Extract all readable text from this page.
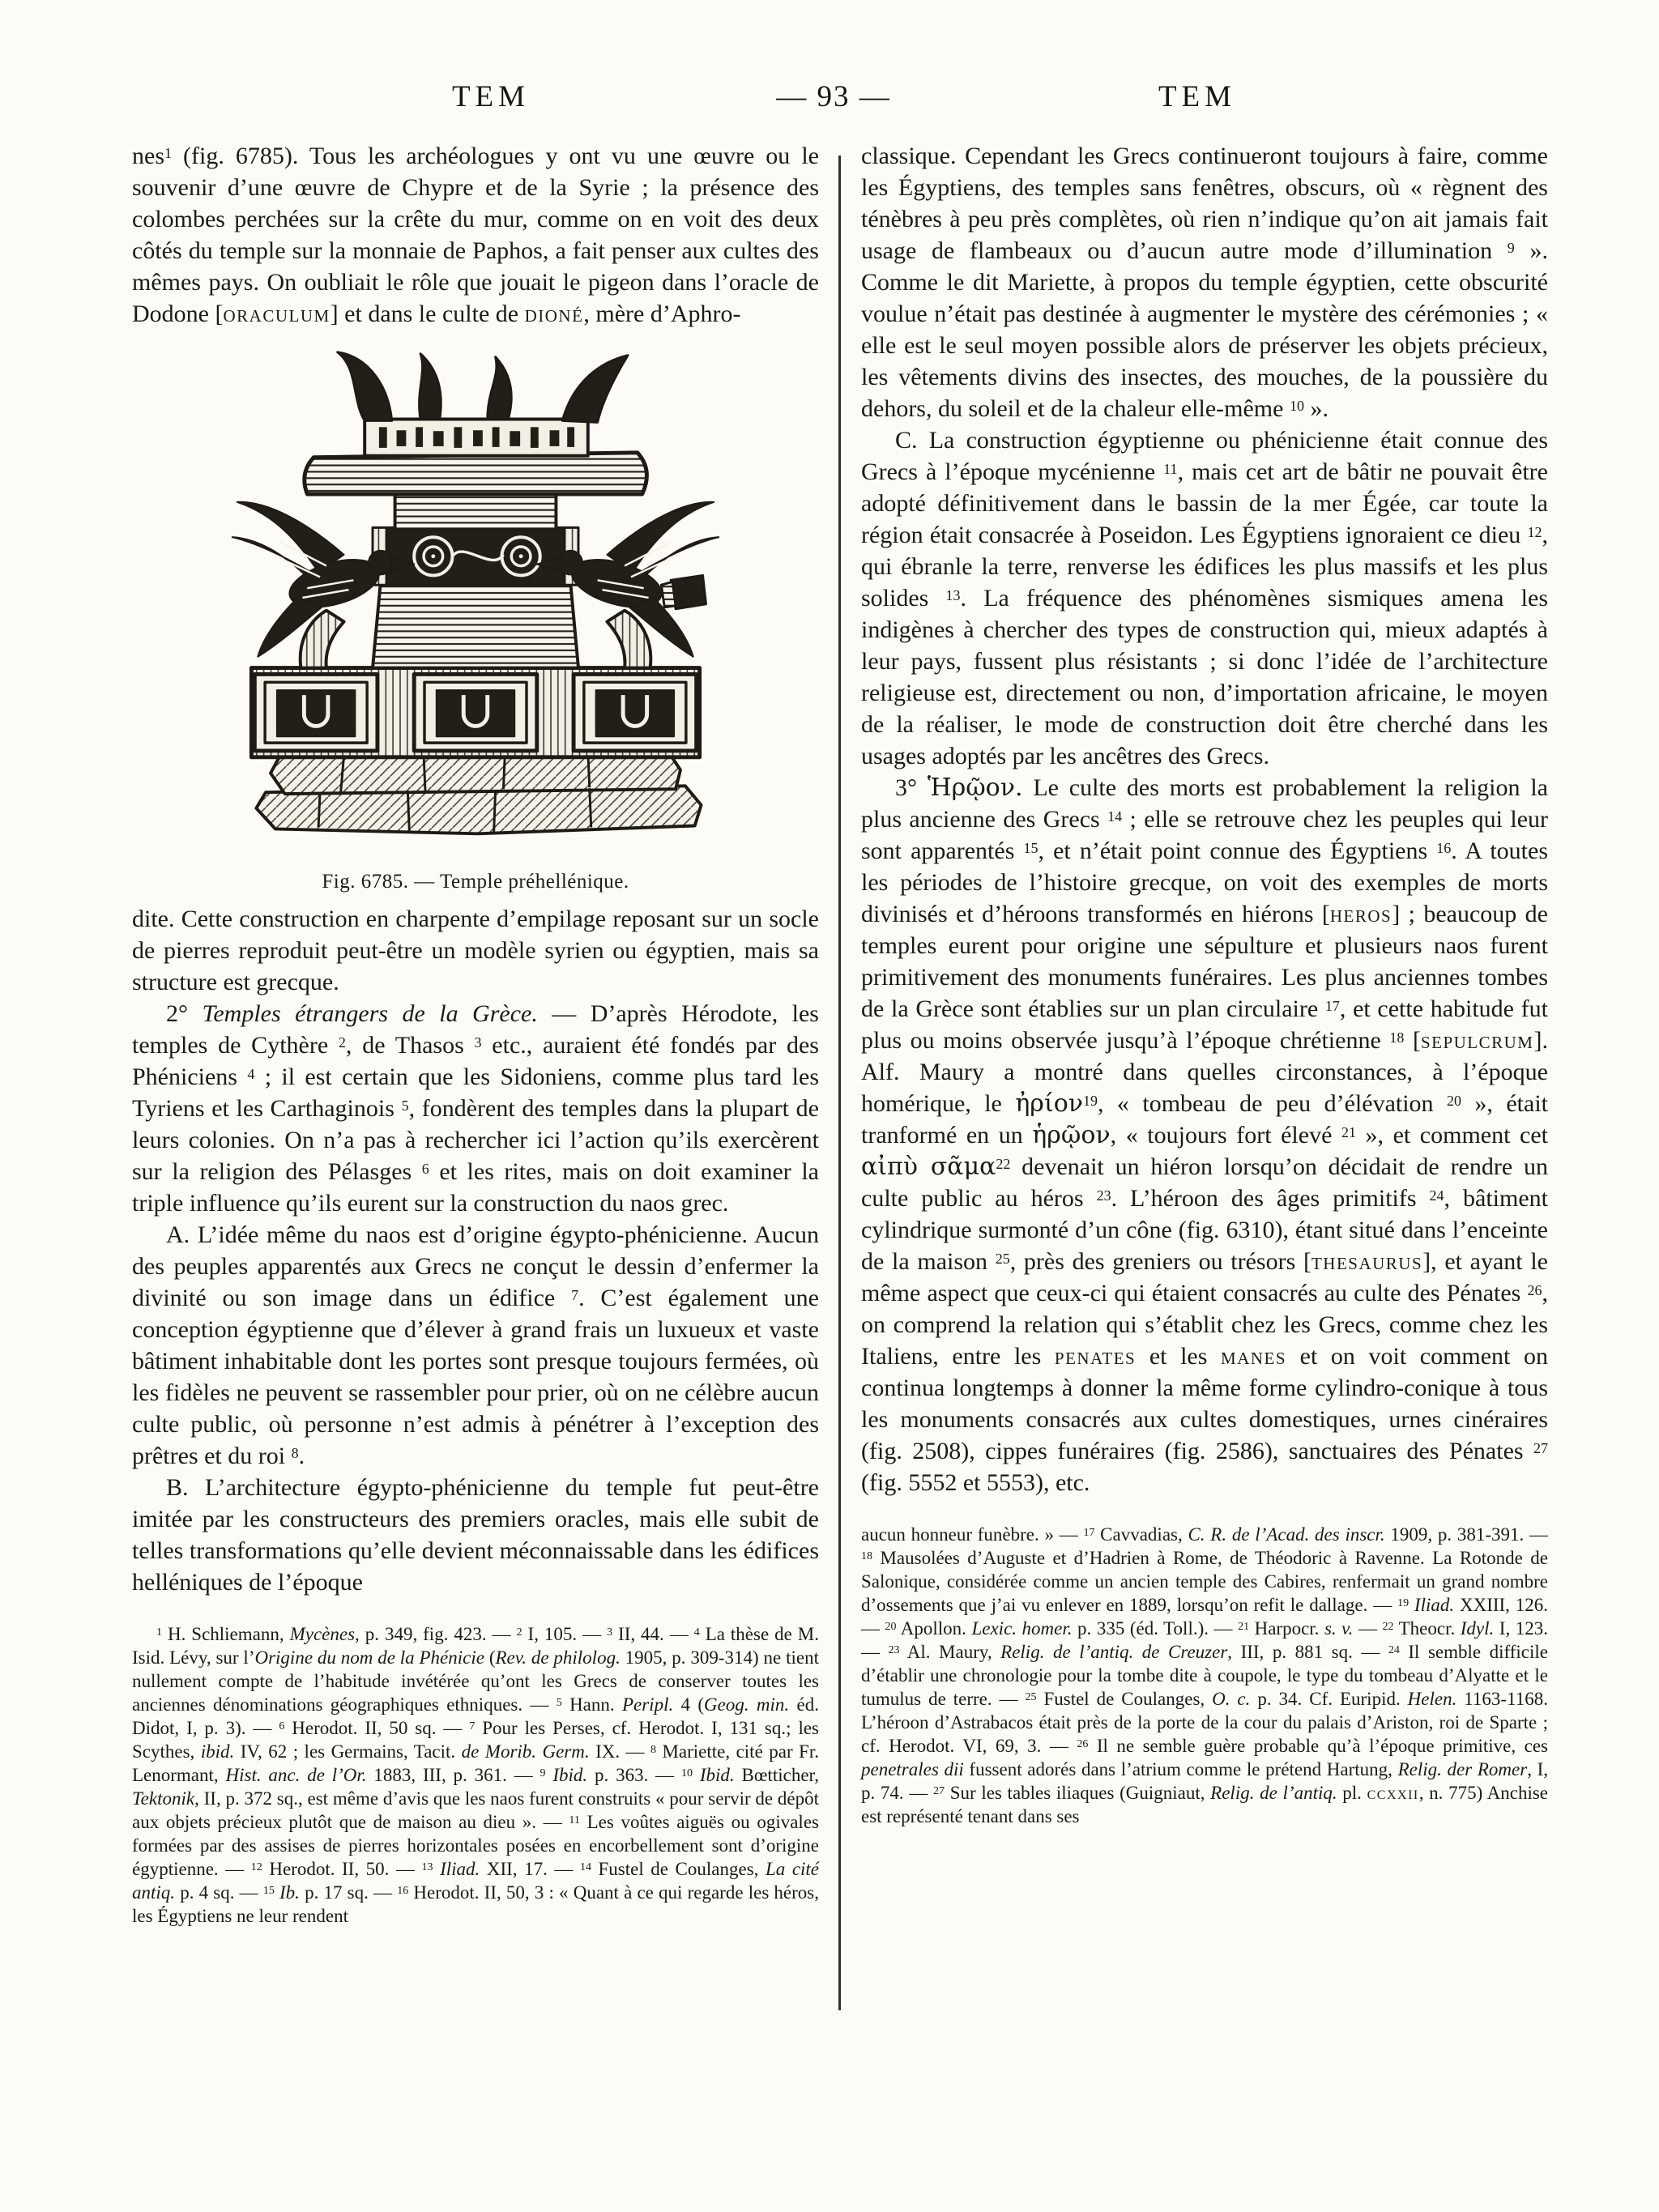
TEM	— 93 —	TEM

nes$^1$ (fig. 6785). Tous les archéologues y ont vu une œuvre ou le souvenir d’une œuvre de Chypre et de la Syrie ; la présence des colombes perchées sur la crête du mur, comme on en voit des deux côtés du temple sur la monnaie de Paphos, a fait penser aux cultes des mêmes pays. On oubliait le rôle que jouait le pigeon dans l’oracle de Dodone [oraculum] et dans le culte de dioné, mère d’Aphro-

Fig. 6785. — Temple préhellénique.

dite. Cette construction en charpente d’empilage reposant sur un socle de pierres reproduit peut-être un modèle syrien ou égyptien, mais sa structure est grecque.

2° Temples étrangers de la Grèce. — D’après Hérodote, les temples de Cythère $^2$, de Thasos $^3$ etc., auraient été fondés par des Phéniciens $^4$ ; il est certain que les Sidoniens, comme plus tard les Tyriens et les Carthaginois $^5$, fondèrent des temples dans la plupart de leurs colonies. On n’a pas à rechercher ici l’action qu’ils exercèrent sur la religion des Pélasges $^6$ et les rites, mais on doit examiner la triple influence qu’ils eurent sur la construction du naos grec.

A. L’idée même du naos est d’origine égypto-phénicienne. Aucun des peuples apparentés aux Grecs ne conçut le dessin d’enfermer la divinité ou son image dans un édifice $^7$. C’est également une conception égyptienne que d’élever à grand frais un luxueux et vaste bâtiment inhabitable dont les portes sont presque toujours fermées, où les fidèles ne peuvent se rassembler pour prier, où on ne célèbre aucun culte public, où personne n’est admis à pénétrer à l’exception des prêtres et du roi $^8$.

B. L’architecture égypto-phénicienne du temple fut peut-être imitée par les constructeurs des premiers oracles, mais elle subit de telles transformations qu’elle devient méconnaissable dans les édifices helléniques de l’époque

$^1$ H. Schliemann, Mycènes, p. 349, fig. 423. — $^2$ I, 105. — $^3$ II, 44. — $^4$ La thèse de M. Isid. Lévy, sur l’Origine du nom de la Phénicie (Rev. de philolog. 1905, p. 309-314) ne tient nullement compte de l’habitude invétérée qu’ont les Grecs de conserver toutes les anciennes dénominations géographiques ethniques. — $^5$ Hann. Peripl. 4 (Geog. min. éd. Didot, I, p. 3). — $^6$ Herodot. II, 50 sq. — $^7$ Pour les Perses, cf. Herodot. I, 131 sq.; les Scythes, ibid. IV, 62 ; les Germains, Tacit. de Morib. Germ. IX. — $^8$ Mariette, cité par Fr. Lenormant, Hist. anc. de l’Or. 1883, III, p. 361. — $^9$ Ibid. p. 363. — $^{10}$ Ibid. Bœtticher, Tektonik, II, p. 372 sq., est même d’avis que les naos furent construits « pour servir de dépôt aux objets précieux plutôt que de maison au dieu ». — $^{11}$ Les voûtes aiguës ou ogivales formées par des assises de pierres horizontales posées en encorbellement sont d’origine égyptienne. — $^{12}$ Herodot. II, 50. — $^{13}$ Iliad. XII, 17. — $^{14}$ Fustel de Coulanges, La cité antiq. p. 4 sq. — $^{15}$ Ib. p. 17 sq. — $^{16}$ Herodot. II, 50, 3 : « Quant à ce qui regarde les héros, les Égyptiens ne leur rendent

classique. Cependant les Grecs continueront toujours à faire, comme les Égyptiens, des temples sans fenêtres, obscurs, où « règnent des ténèbres à peu près complètes, où rien n’indique qu’on ait jamais fait usage de flambeaux ou d’aucun autre mode d’illumination $^9$ ». Comme le dit Mariette, à propos du temple égyptien, cette obscurité voulue n’était pas destinée à augmenter le mystère des cérémonies ; « elle est le seul moyen possible alors de préserver les objets précieux, les vêtements divins des insectes, des mouches, de la poussière du dehors, du soleil et de la chaleur elle-même $^{10}$ ».

C. La construction égyptienne ou phénicienne était connue des Grecs à l’époque mycénienne $^{11}$, mais cet art de bâtir ne pouvait être adopté définitivement dans le bassin de la mer Égée, car toute la région était consacrée à Poseidon. Les Égyptiens ignoraient ce dieu $^{12}$, qui ébranle la terre, renverse les édifices les plus massifs et les plus solides $^{13}$. La fréquence des phénomènes sismiques amena les indigènes à chercher des types de construction qui, mieux adaptés à leur pays, fussent plus résistants ; si donc l’idée de l’architecture religieuse est, directement ou non, d’importation africaine, le moyen de la réaliser, le mode de construction doit être cherché dans les usages adoptés par les ancêtres des Grecs.

3° Ἡρῷον. Le culte des morts est probablement la religion la plus ancienne des Grecs $^{14}$ ; elle se retrouve chez les peuples qui leur sont apparentés $^{15}$, et n’était point connue des Égyptiens $^{16}$. A toutes les périodes de l’histoire grecque, on voit des exemples de morts divinisés et d’héroons transformés en hiérons [heros] ; beaucoup de temples eurent pour origine une sépulture et plusieurs naos furent primitivement des monuments funéraires. Les plus anciennes tombes de la Grèce sont établies sur un plan circulaire $^{17}$, et cette habitude fut plus ou moins observée jusqu’à l’époque chrétienne $^{18}$ [sepulcrum]. Alf. Maury a montré dans quelles circonstances, à l’époque homérique, le ἠρίον$^{19}$, « tombeau de peu d’élévation $^{20}$ », était tranformé en un ἡρῷον, « toujours fort élevé $^{21}$ », et comment cet αἰπὺ σᾶμα$^{22}$ devenait un hiéron lorsqu’on décidait de rendre un culte public au héros $^{23}$. L’héroon des âges primitifs $^{24}$, bâtiment cylindrique surmonté d’un cône (fig. 6310), étant situé dans l’enceinte de la maison $^{25}$, près des greniers ou trésors [thesaurus], et ayant le même aspect que ceux-ci qui étaient consacrés au culte des Pénates $^{26}$, on comprend la relation qui s’établit chez les Grecs, comme chez les Italiens, entre les penates et les manes et on voit comment on continua longtemps à donner la même forme cylindro-conique à tous les monuments consacrés aux cultes domestiques, urnes cinéraires (fig. 2508), cippes funéraires (fig. 2586), sanctuaires des Pénates $^{27}$ (fig. 5552 et 5553), etc.

aucun honneur funèbre. » — $^{17}$ Cavvadias, C. R. de l’Acad. des inscr. 1909, p. 381-391. — $^{18}$ Mausolées d’Auguste et d’Hadrien à Rome, de Théodoric à Ravenne. La Rotonde de Salonique, considérée comme un ancien temple des Cabires, renfermait un grand nombre d’ossements que j’ai vu enlever en 1889, lorsqu’on refit le dallage. — $^{19}$ Iliad. XXIII, 126. — $^{20}$ Apollon. Lexic. homer. p. 335 (éd. Toll.). — $^{21}$ Harpocr. s. v. — $^{22}$ Theocr. Idyl. I, 123. — $^{23}$ Al. Maury, Relig. de l’antiq. de Creuzer, III, p. 881 sq. — $^{24}$ Il semble difficile d’établir une chronologie pour la tombe dite à coupole, le type du tombeau d’Alyatte et le tumulus de terre. — $^{25}$ Fustel de Coulanges, O. c. p. 34. Cf. Euripid. Helen. 1163-1168. L’héroon d’Astrabacos était près de la porte de la cour du palais d’Ariston, roi de Sparte ; cf. Herodot. VI, 69, 3. — $^{26}$ Il ne semble guère probable qu’à l’époque primitive, ces penetrales dii fussent adorés dans l’atrium comme le prétend Hartung, Relig. der Romer, I, p. 74. — $^{27}$ Sur les tables iliaques (Guigniaut, Relig. de l’antiq. pl. ccxxii, n. 775) Anchise est représenté tenant dans ses
